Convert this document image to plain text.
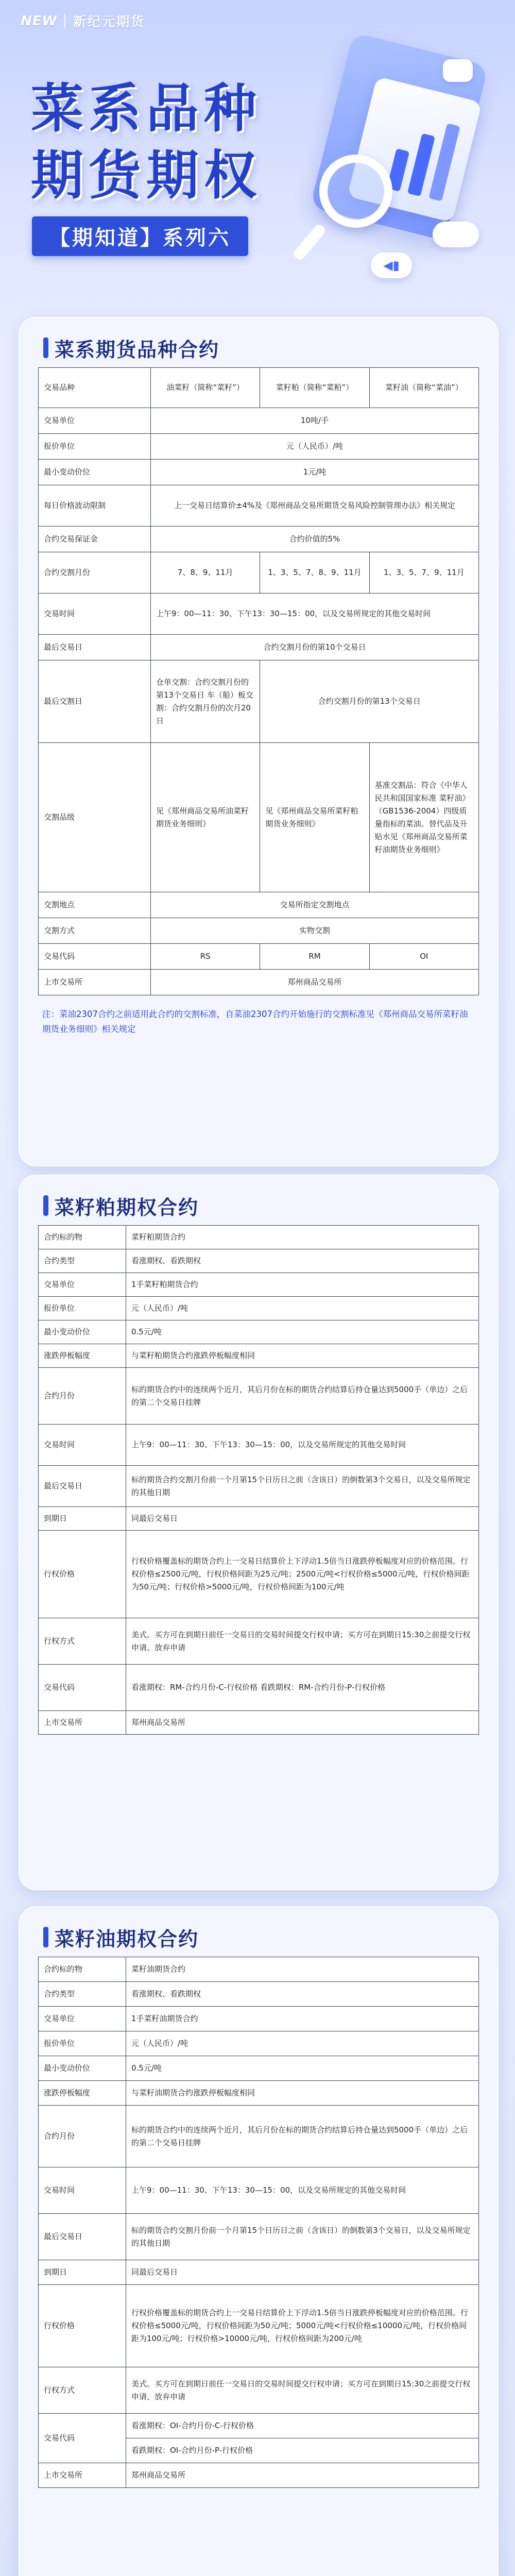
NEW 新纪元期货
◀▮
菜系品种
期货期权
【期知道】系列六
菜系期货品种合约
交易品种	油菜籽（简称“菜籽”）	菜籽粕（简称“菜粕”）	菜籽油（简称“菜油”）
交易单位	10吨/手		
报价单位	元（人民币）/吨		
最小变动价位	1元/吨		
每日价格波动限制	上一交易日结算价±4%及《郑州商品交易所期货交易风险控制管理办法》相关规定		
合约交易保证金	合约价值的5%		
合约交割月份	7、8、9、11月	1、3、5、7、8、9、11月	1、3、5、7、9、11月
交易时间	上午9：00—11：30、下午13：30—15：00，以及交易所规定的其他交易时间		
最后交易日	合约交割月份的第10个交易日		
最后交割日	仓单交割：合约交割月份的第13个交易日 车（船）板交割：合约交割月份的次月20日	合约交割月份的第13个交易日	
交割品级	见《郑州商品交易所油菜籽期货业务细则》	见《郑州商品交易所菜籽粕期货业务细则》	基准交割品：符合《中华人民共和国国家标准 菜籽油》（GB1536-2004）四级质量指标的菜油。替代品及升贴水见《郑州商品交易所菜籽油期货业务细则》
交割地点	交易所指定交割地点		
交割方式	实物交割		
交易代码	RS	RM	OI
上市交易所	郑州商品交易所		

注：菜油2307合约之前适用此合约的交割标准，自菜油2307合约开始施行的交割标准见《郑州商品交易所菜籽油期货业务细则》相关规定

菜籽粕期权合约
合约标的物	菜籽粕期货合约
合约类型	看涨期权、看跌期权
交易单位	1手菜籽粕期货合约
报价单位	元（人民币）/吨
最小变动价位	0.5元/吨
涨跌停板幅度	与菜籽粕期货合约涨跌停板幅度相同
合约月份	标的期货合约中的连续两个近月，其后月份在标的期货合约结算后持仓量达到5000手（单边）之后的第二个交易日挂牌
交易时间	上午9：00—11：30、下午13：30—15：00，以及交易所规定的其他交易时间
最后交易日	标的期货合约交割月份前一个月第15个日历日之前（含该日）的倒数第3个交易日，以及交易所规定的其他日期
到期日	同最后交易日
行权价格	行权价格覆盖标的期货合约上一交易日结算价上下浮动1.5倍当日涨跌停板幅度对应的价格范围。行权价格≤2500元/吨，行权价格间距为25元/吨；2500元/吨<行权价格≤5000元/吨，行权价格间距为50元/吨；行权价格>5000元/吨，行权价格间距为100元/吨
行权方式	美式。买方可在到期日前任一交易日的交易时间提交行权申请；买方可在到期日15:30之前提交行权申请、放弃申请
交易代码	看涨期权：RM-合约月份-C-行权价格 看跌期权：RM-合约月份-P-行权价格
上市交易所	郑州商品交易所
菜籽油期权合约
合约标的物	菜籽油期货合约
合约类型	看涨期权、看跌期权
交易单位	1手菜籽油期货合约
报价单位	元（人民币）/吨
最小变动价位	0.5元/吨
涨跌停板幅度	与菜籽油期货合约涨跌停板幅度相同
合约月份	标的期货合约中的连续两个近月，其后月份在标的期货合约结算后持仓量达到5000手（单边）之后的第二个交易日挂牌
交易时间	上午9：00—11：30、下午13：30—15：00，以及交易所规定的其他交易时间
最后交易日	标的期货合约交割月份前一个月第15个日历日之前（含该日）的倒数第3个交易日，以及交易所规定的其他日期
到期日	同最后交易日
行权价格	行权价格覆盖标的期货合约上一交易日结算价上下浮动1.5倍当日涨跌停板幅度对应的价格范围。行权价格≤5000元/吨，行权价格间距为50元/吨；5000元/吨<行权价格≤10000元/吨，行权价格间距为100元/吨；行权价格>10000元/吨，行权价格间距为200元/吨
行权方式	美式。买方可在到期日前任一交易日的交易时间提交行权申请；买方可在到期日15:30之前提交行权申请、放弃申请
交易代码	看涨期权：OI-合约月份-C-行权价格
	看跌期权：OI-合约月份-P-行权价格
上市交易所	郑州商品交易所
